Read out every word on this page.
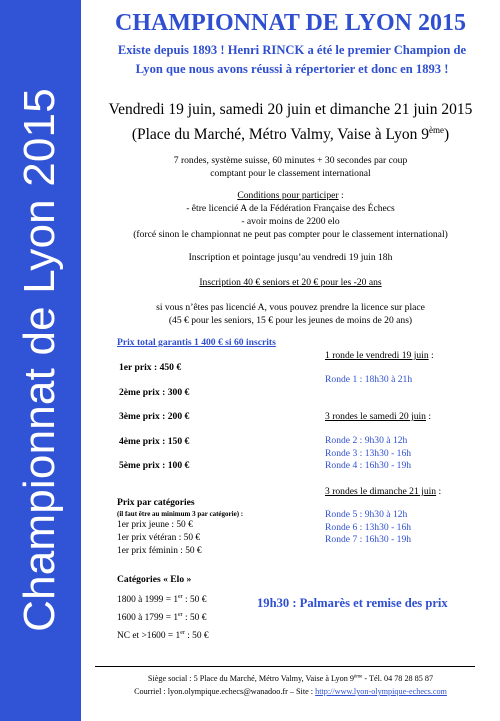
Championnat de Lyon 2015
CHAMPIONNAT DE LYON 2015
Existe depuis 1893 ! Henri RINCK a été le premier Champion de
Lyon que nous avons réussi à répertorier et donc en 1893 !
Vendredi 19 juin, samedi 20 juin et dimanche 21 juin 2015
(Place du Marché, Métro Valmy, Vaise à Lyon 9ème)
7 rondes, système suisse, 60 minutes + 30 secondes par coup
comptant pour le classement international
Conditions pour participer :
- être licencié A de la Fédération Française des Échecs
- avoir moins de 2200 elo
(forcé sinon le championnat ne peut pas compter pour le classement international)
Inscription et pointage jusqu’au vendredi 19 juin 18h
Inscription 40 € seniors et 20 € pour les -20 ans
si vous n’êtes pas licencié A, vous pouvez prendre la licence sur place
(45 € pour les seniors, 15 € pour les jeunes de moins de 20 ans)
Prix total garantis 1 400 € si 60 inscrits
1er prix : 450 €
2ème prix : 300 €
3ème prix : 200 €
4ème prix : 150 €
5ème prix : 100 €
Prix par catégories
(il faut être au minimum 3 par catégorie) :
1er prix jeune : 50 €
1er prix vétéran : 50 €
1er prix féminin : 50 €
Catégories « Elo »
1800 à 1999 = 1er : 50 €
1600 à 1799 = 1er : 50 €
NC et >1600 = 1er : 50 €
1 ronde le vendredi 19 juin :
Ronde 1 : 18h30 à 21h
3 rondes le samedi 20 juin :
Ronde 2 : 9h30 à 12h
Ronde 3 : 13h30 - 16h
Ronde 4 : 16h30 - 19h
3 rondes le dimanche 21 juin :
Ronde 5 : 9h30 à 12h
Ronde 6 : 13h30 - 16h
Ronde 7 : 16h30 - 19h
19h30 : Palmarès et remise des prix
Siège social : 5 Place du Marché, Métro Valmy, Vaise à Lyon 9ème - Tél. 04 78 28 85 87
Courriel : lyon.olympique.echecs@wanadoo.fr – Site : http://www.lyon-olympique-echecs.com
